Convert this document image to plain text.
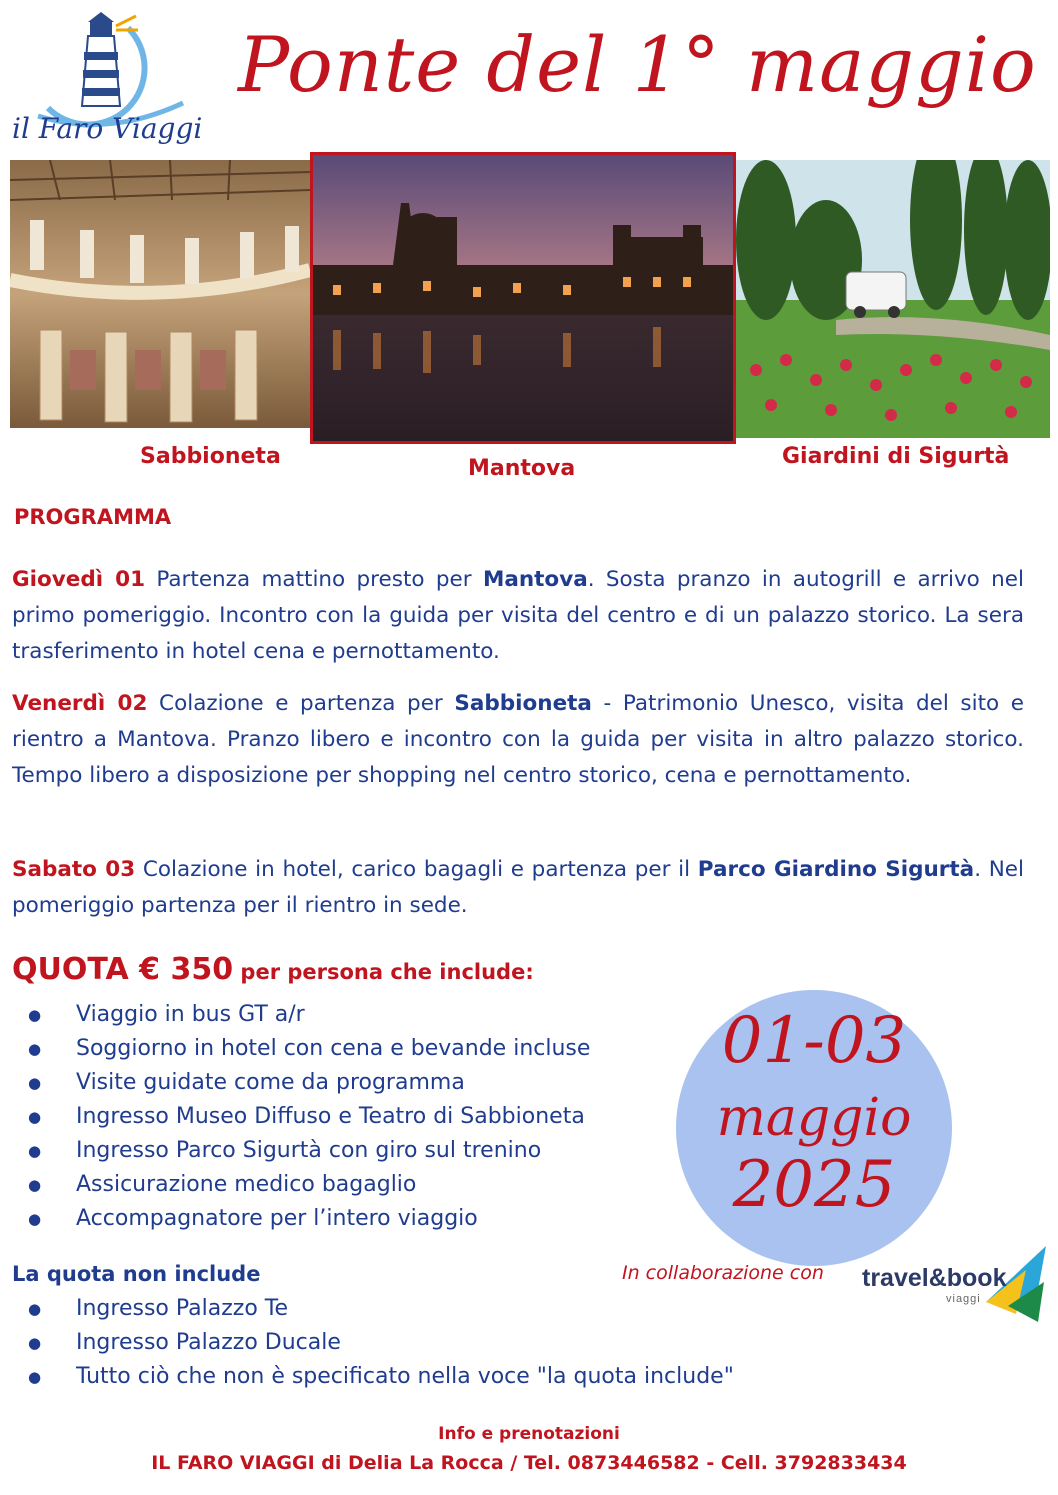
il Faro Viaggi
Ponte del 1° maggio
Sabbioneta	Mantova	Giardini di Sigurtà
PROGRAMMA
Giovedì 01 Partenza mattino presto per Mantova. Sosta pranzo in autogrill e arrivo nel primo pomeriggio. Incontro con la guida per visita del centro e di un palazzo storico. La sera trasferimento in hotel cena e pernottamento.
Venerdì 02 Colazione e partenza per Sabbioneta - Patrimonio Unesco, visita del sito e rientro a Mantova. Pranzo libero e incontro con la guida per visita in altro palazzo storico. Tempo libero a disposizione per shopping nel centro storico, cena e pernottamento.
Sabato 03 Colazione in hotel, carico bagagli e partenza per il Parco Giardino Sigurtà. Nel pomeriggio partenza per il rientro in sede.
QUOTA € 350 per persona che include:
● Viaggio in bus GT a/r
● Soggiorno in hotel con cena e bevande incluse
● Visite guidate come da programma
● Ingresso Museo Diffuso e Teatro di Sabbioneta
● Ingresso Parco Sigurtà con giro sul trenino
● Assicurazione medico bagaglio
● Accompagnatore per l’intero viaggio
La quota non include
● Ingresso Palazzo Te
● Ingresso Palazzo Ducale
● Tutto ciò che non è specificato nella voce "la quota include"
01-03
maggio
2025
In collaborazione con travel&book
viaggi
Info e prenotazioni
IL FARO VIAGGI di Delia La Rocca / Tel. 0873446582 - Cell. 3792833434
